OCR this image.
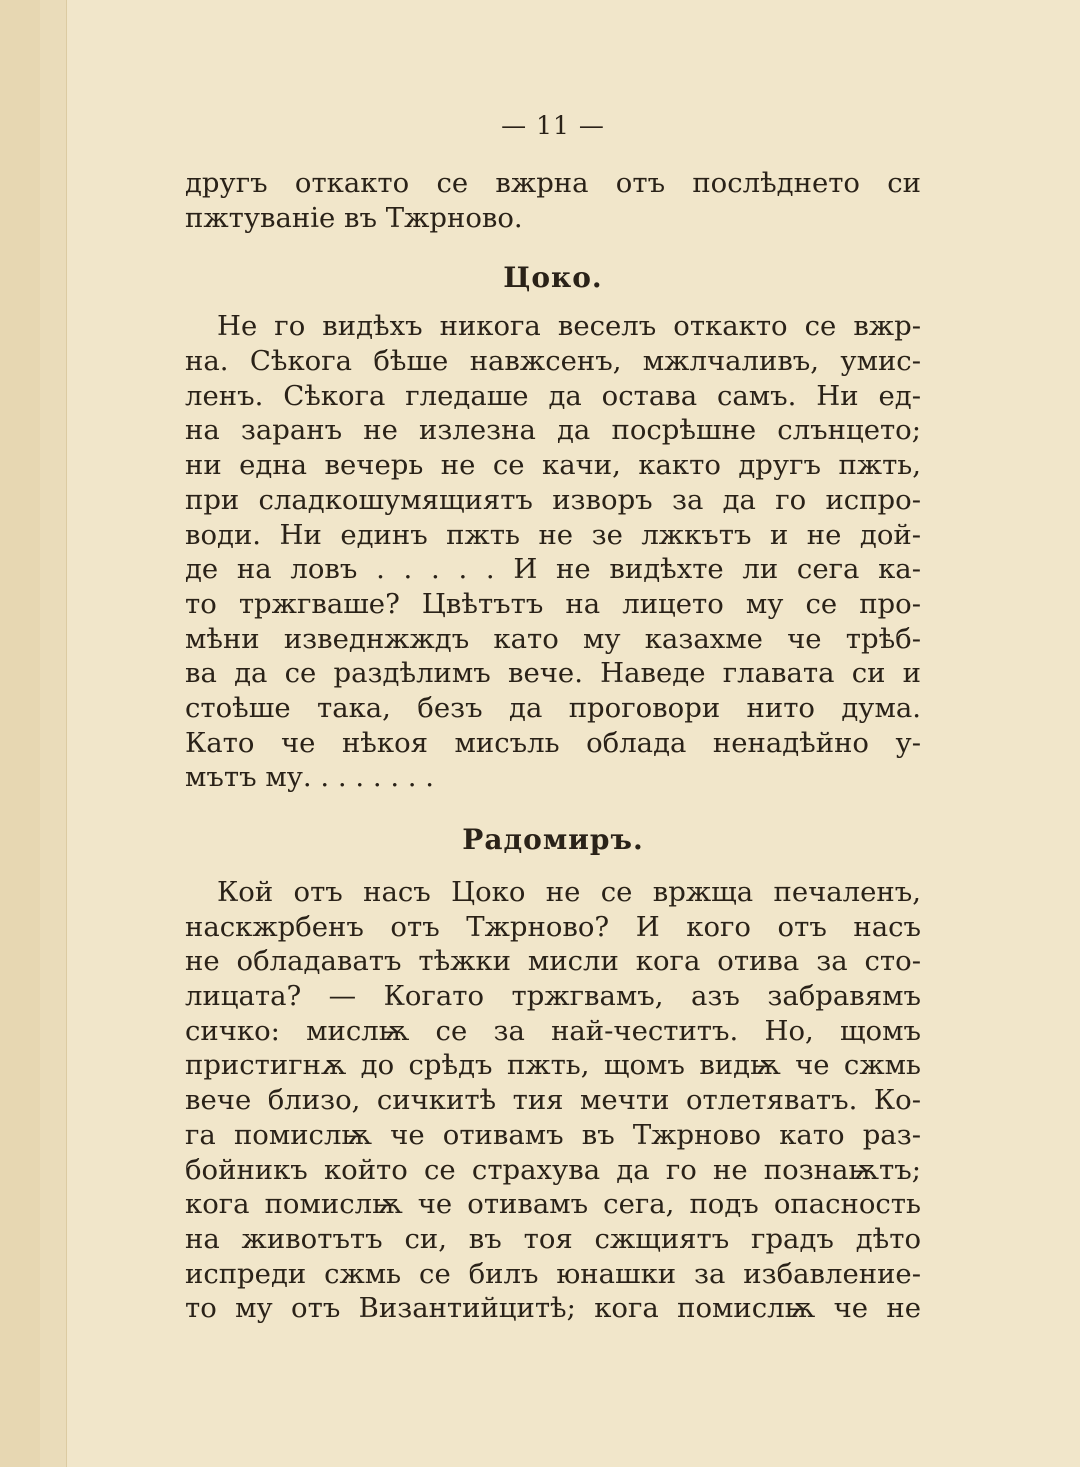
— 11 —
другъ откакто се вжрна отъ послѣднето си
пжтуванiе въ Тжрново.
Цоко.
Не го видѣхъ никога веселъ откакто се вжр-
на. Сѣкога бѣше навжсенъ, мжлчаливъ, умис-
ленъ. Сѣкога гледаше да остава самъ. Ни ед-
на заранъ не излезна да посрѣшне слънцето;
ни една вечерь не се качи, както другъ пжть,
при сладкошумящиятъ изворъ за да го испро-
води. Ни единъ пжть не зе лжкътъ и не дой-
де на ловъ . . . . . И не видѣхте ли сега ка-
то тржгваше? Цвѣтътъ на лицето му се про-
мѣни изведнжждъ като му казахме че трѣб-
ва да се раздѣлимъ вече. Наведе главата си и
стоѣше така, безъ да проговори нито дума.
Като че нѣкоя мисъль облада ненадѣйно у-
мътъ му. . . . . . . .
Радомиръ.
Кой отъ насъ Цоко не се вржща печаленъ,
наскжрбенъ отъ Тжрново? И кого отъ насъ
не обладаватъ тѣжки мисли кога отива за сто-
лицата? — Когато тржгвамъ, азъ забравямъ
сичко: мислѭ се за най-честитъ. Но, щомъ
пристигнѫ до срѣдъ пжть, щомъ видѭ че сжмь
вече близо, сичкитѣ тия мечти отлетяватъ. Ко-
га помислѭ че отивамъ въ Тжрново като раз-
бойникъ който се страхува да го не познаѭтъ;
кога помислѭ че отивамъ сега, подъ опасность
на животътъ си, въ тоя сжщиятъ градъ дѣто
испреди сжмь се билъ юнашки за избавление-
то му отъ Византийцитѣ; кога помислѭ че не
